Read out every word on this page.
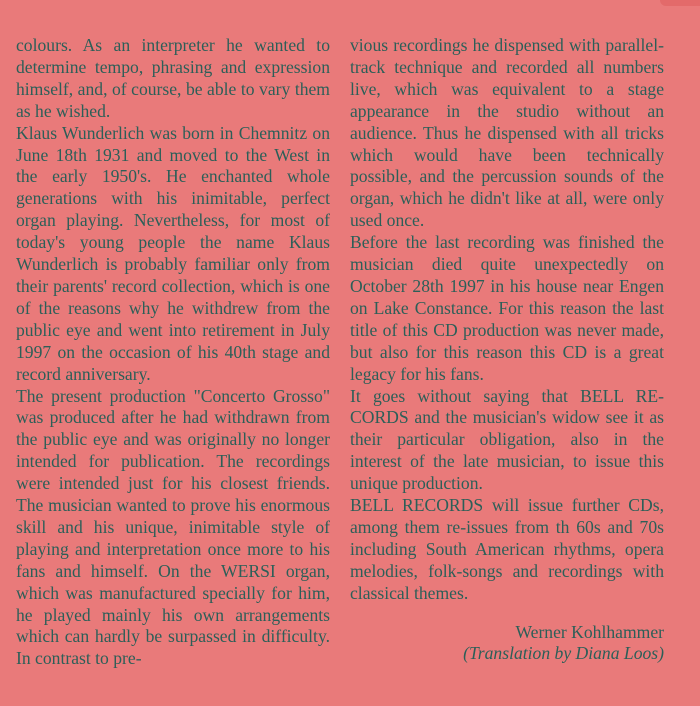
colours. As an interpreter he wanted to determine tempo, phrasing and expression himself, and, of course, be able to vary them as he wished.

Klaus Wunderlich was born in Chemnitz on June 18th 1931 and moved to the West in the early 1950's. He enchanted whole generations with his inimitable, perfect organ playing. Nevertheless, for most of today's young people the name Klaus Wunderlich is probably familiar only from their parents' record collection, which is one of the reasons why he withdrew from the public eye and went into retirement in July 1997 on the occasion of his 40th stage and record anniversary.

The present production "Concerto Grosso" was produced after he had withdrawn from the public eye and was originally no longer intended for publication. The recordings were intended just for his closest friends. The musician wanted to prove his enormous skill and his unique, inimitable style of playing and interpretation once more to his fans and himself. On the WERSI organ, which was manufactured specially for him, he played mainly his own arrangements which can hardly be surpassed in difficulty. In contrast to pre-

vious recordings he dispensed with parallel-track technique and recorded all numbers live, which was equivalent to a stage appearance in the studio without an audience. Thus he dispensed with all tricks which would have been technically possible, and the percussion sounds of the organ, which he didn't like at all, were only used once.

Before the last recording was finished the musician died quite unexpectedly on October 28th 1997 in his house near Engen on Lake Constance. For this reason the last title of this CD production was never made, but also for this reason this CD is a great legacy for his fans.

It goes without saying that BELL RECORDS and the musician's widow see it as their particular obligation, also in the interest of the late musician, to issue this unique production.

BELL RECORDS will issue further CDs, among them re-issues from th 60s and 70s including South American rhythms, opera melodies, folk-songs and recordings with classical themes.

Werner Kohlhammer
(Translation by Diana Loos)
